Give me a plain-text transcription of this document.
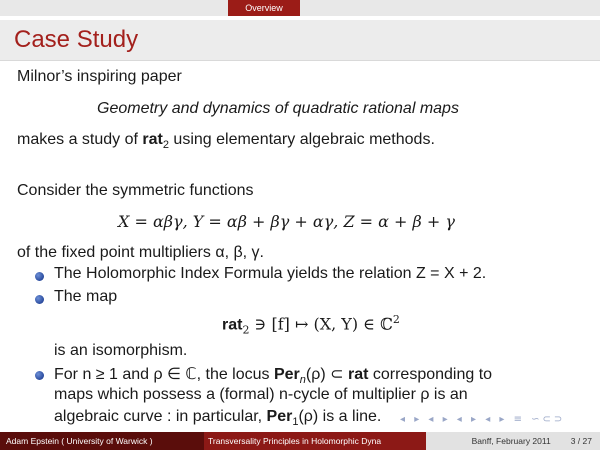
Overview
Case Study
Milnor’s inspiring paper
Geometry and dynamics of quadratic rational maps
makes a study of rat$_2$ using elementary algebraic methods.
Consider the symmetric functions
X = αβγ, Y = αβ + βγ + αγ, Z = α + β + γ
of the fixed point multipliers α, β, γ.
The Holomorphic Index Formula yields the relation Z = X + 2.
The map
rat$_2$ ∋ [f] ↦ (X, Y) ∈ ℂ$^2$
is an isomorphism.
For n ≥ 1 and ρ ∈ ℂ, the locus Per$_n$(ρ) ⊂ rat corresponding to
maps which possess a (formal) n-cycle of multiplier ρ is an
algebraic curve : in particular, Per$_1$(ρ) is a line. ◂ ▸ ◂ ▸ ◂ ▸ ◂ ▸ ≡ ∽⊂⊃
Adam Epstein ( University of Warwick )	Transversality Principles in Holomorphic Dyna	Banff, February 2011 3 / 27
